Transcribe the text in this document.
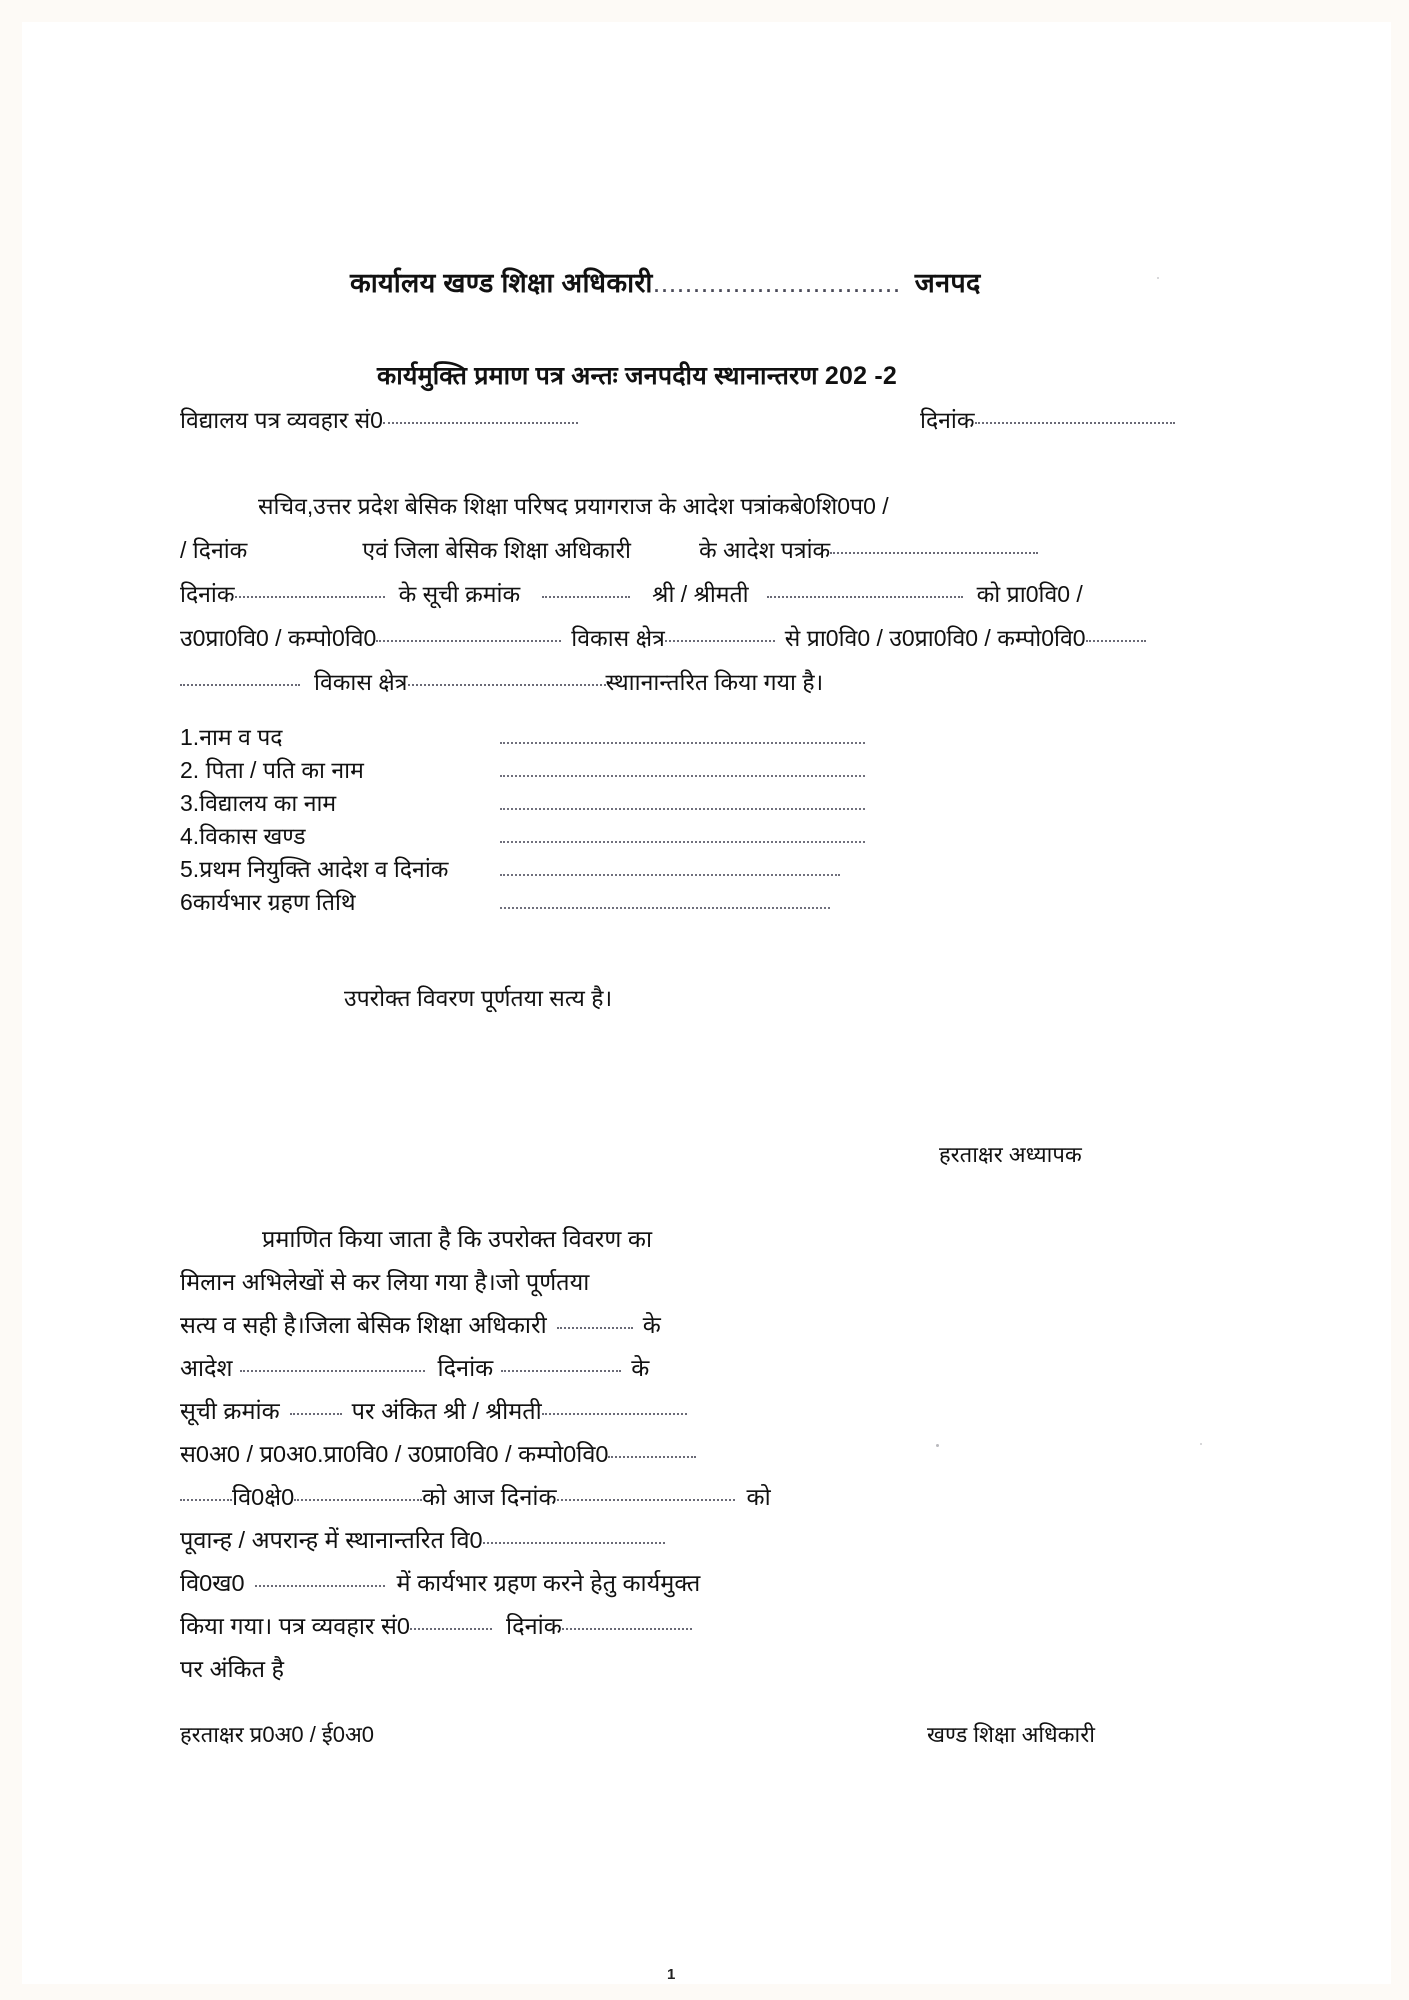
कार्यालय खण्ड शिक्षा अधिकारी............................... जनपद
कार्यमुक्ति प्रमाण पत्र अन्तः जनपदीय स्थानान्तरण 202 -2
विद्यालय पत्र व्यवहार सं0	दिनांक
सचिव,उत्तर प्रदेश बेसिक शिक्षा परिषद प्रयागराज के आदेश पत्रांकबे0शि0प0 /
/ दिनांक	एवं जिला बेसिक शिक्षा अधिकारी	के आदेश पत्रांक
दिनांक	के सूची क्रमांक	श्री / श्रीमती	को प्रा0वि0 /
उ0प्रा0वि0 / कम्पो0वि0	विकास क्षेत्र	से प्रा0वि0 / उ0प्रा0वि0 / कम्पो0वि0
विकास क्षेत्र	स्थाानान्तरित किया गया है।
1.नाम व पद
2. पिता / पति का नाम
3.विद्यालय का नाम
4.विकास खण्ड
5.प्रथम नियुक्ति आदेश व दिनांक
6कार्यभार ग्रहण तिथि
उपरोक्त विवरण पूर्णतया सत्य है।
हरताक्षर अध्यापक
प्रमाणित किया जाता है कि उपरोक्त विवरण का
मिलान अभिलेखों से कर लिया गया है।जो पूर्णतया
सत्य व सही है।जिला बेसिक शिक्षा अधिकारी	के
आदेश	दिनांक	के
सूची क्रमांक	पर अंकित श्री / श्रीमती
स0अ0 / प्र0अ0.प्रा0वि0 / उ0प्रा0वि0 / कम्पो0वि0
वि0क्षे0	को आज दिनांक	को
पूवान्ह / अपरान्ह में स्थानान्तरित वि0
वि0ख0	में कार्यभार ग्रहण करने हेतु कार्यमुक्त
किया गया। पत्र व्यवहार सं0	दिनांक
पर अंकित है
हरताक्षर प्र0अ0 / ई0अ0	खण्ड शिक्षा अधिकारी
1
